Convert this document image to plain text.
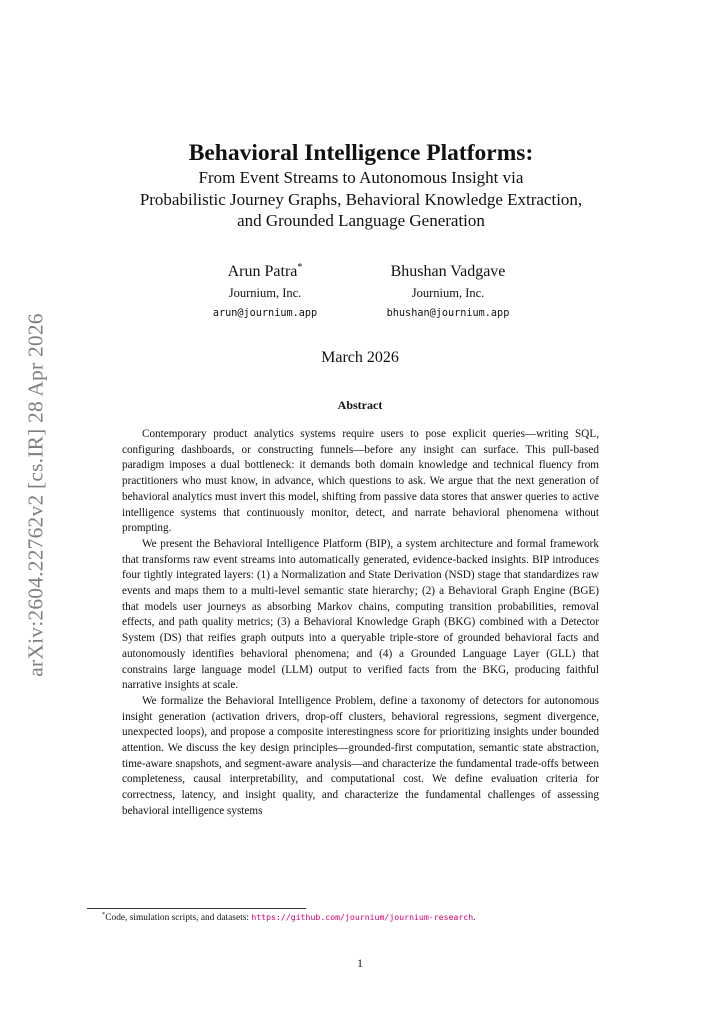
arXiv:2604.22762v2 [cs.IR] 28 Apr 2026
Behavioral Intelligence Platforms:
From Event Streams to Autonomous Insight via
Probabilistic Journey Graphs, Behavioral Knowledge Extraction,
and Grounded Language Generation
Arun Patra*
Journium, Inc.
arun@journium.app
Bhushan Vadgave
Journium, Inc.
bhushan@journium.app
March 2026
Abstract

Contemporary product analytics systems require users to pose explicit queries—writing SQL, configuring dashboards, or constructing funnels—before any insight can surface. This pull-based paradigm imposes a dual bottleneck: it demands both domain knowledge and technical fluency from practitioners who must know, in advance, which questions to ask. We argue that the next generation of behavioral analytics must invert this model, shifting from passive data stores that answer queries to active intelligence systems that continuously monitor, detect, and narrate behavioral phenomena without prompting.

We present the Behavioral Intelligence Platform (BIP), a system architecture and formal framework that transforms raw event streams into automatically generated, evidence-backed insights. BIP introduces four tightly integrated layers: (1) a Normalization and State Derivation (NSD) stage that standardizes raw events and maps them to a multi-level semantic state hierarchy; (2) a Behavioral Graph Engine (BGE) that models user journeys as absorbing Markov chains, computing transition probabilities, removal effects, and path quality metrics; (3) a Behavioral Knowledge Graph (BKG) combined with a Detector System (DS) that reifies graph outputs into a queryable triple-store of grounded behavioral facts and autonomously identifies behavioral phenomena; and (4) a Grounded Language Layer (GLL) that constrains large language model (LLM) output to verified facts from the BKG, producing faithful narrative insights at scale.

We formalize the Behavioral Intelligence Problem, define a taxonomy of detectors for autonomous insight generation (activation drivers, drop-off clusters, behavioral regressions, segment divergence, unexpected loops), and propose a composite interestingness score for prioritizing insights under bounded attention. We discuss the key design principles—grounded-first computation, semantic state abstraction, time-aware snapshots, and segment-aware analysis—and characterize the fundamental trade-offs between completeness, causal interpretability, and computational cost. We define evaluation criteria for correctness, latency, and insight quality, and characterize the fundamental challenges of assessing behavioral intelligence systems

*Code, simulation scripts, and datasets: https://github.com/journium/journium-research.
1
